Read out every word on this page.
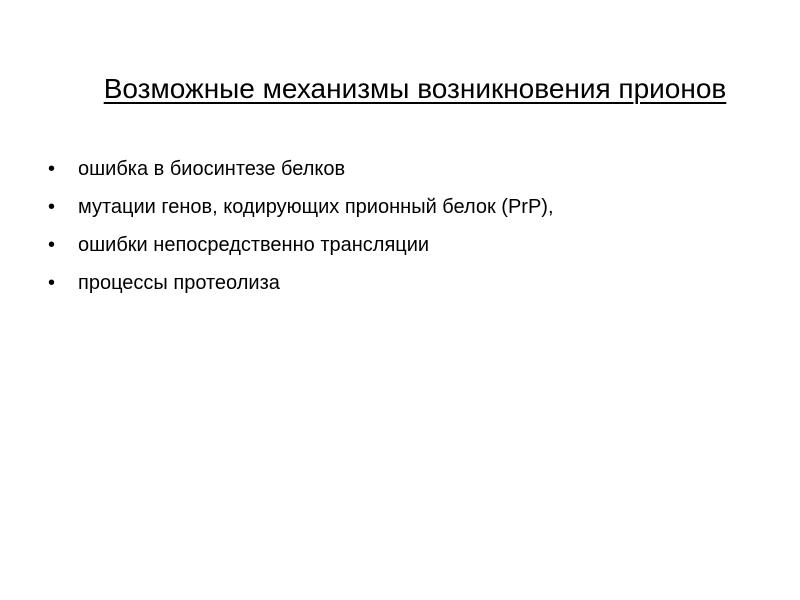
Возможные механизмы возникновения прионов
• ошибка в биосинтезе белков
• мутации генов, кодирующих прионный белок (PrP),
• ошибки непосредственно трансляции
• процессы протеолиза
